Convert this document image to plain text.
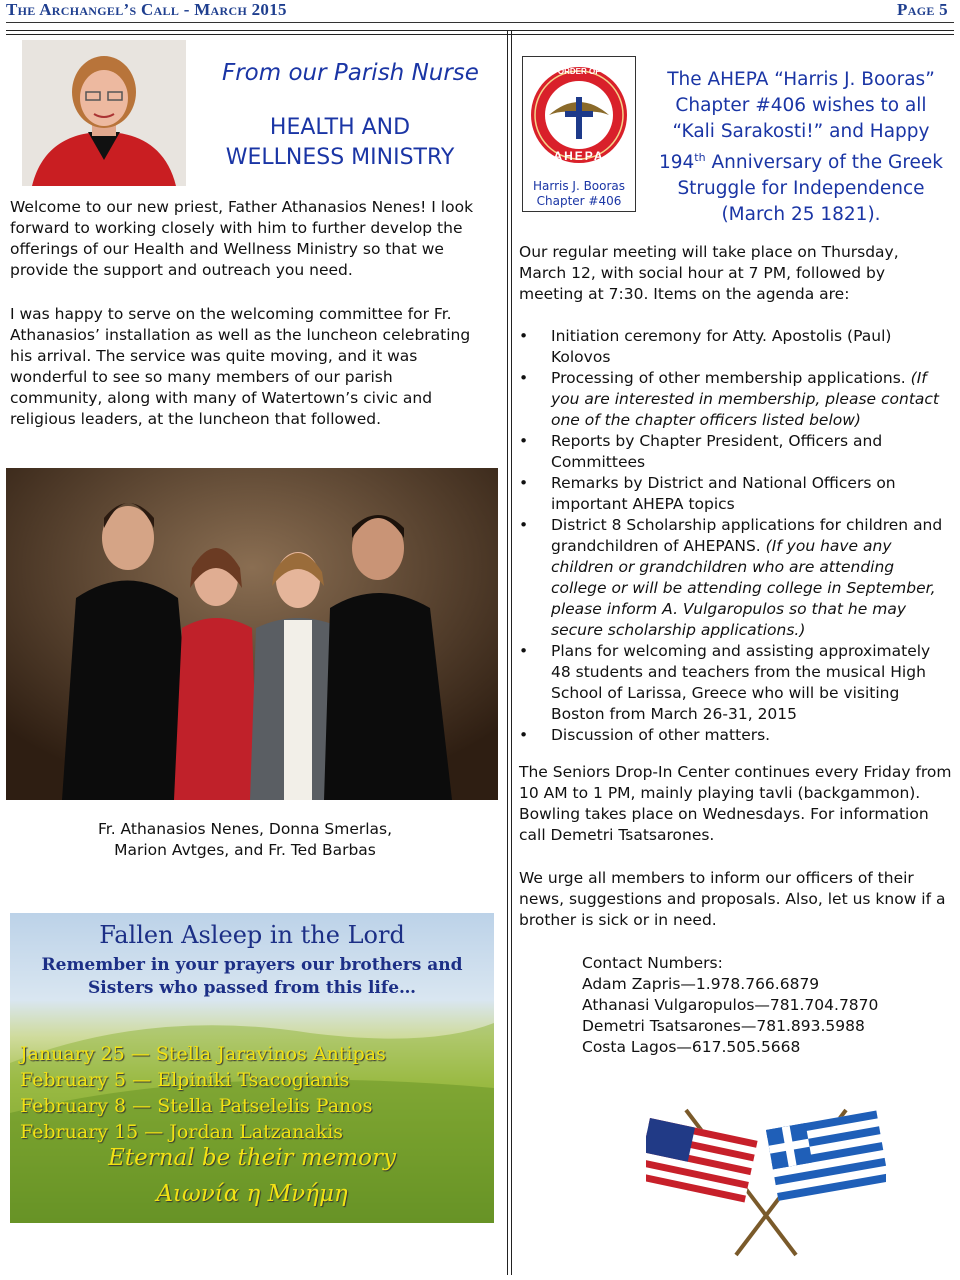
The Archangel’s Call - March 2015	Page 5
From our Parish Nurse
HEALTH AND
WELLNESS MINISTRY
Welcome to our new priest, Father Athanasios Nenes! I look forward to working closely with him to further develop the offerings of our Health and Wellness Ministry so that we provide the support and outreach you need.
I was happy to serve on the welcoming committee for Fr. Athanasios’ installation as well as the luncheon celebrating his arrival. The service was quite moving, and it was wonderful to see so many members of our parish community, along with many of Watertown’s civic and religious leaders, at the luncheon that followed.
Fr. Athanasios Nenes, Donna Smerlas,
Marion Avtges, and Fr. Ted Barbas
Fallen Asleep in the Lord
Remember in your prayers our brothers and
Sisters who passed from this life…
January 25 — Stella Jaravinos Antipas
February 5 — Elpiniki Tsacogianis
February 8 — Stella Patselelis Panos
February 15 — Jordan Latzanakis
Eternal be their memory
Αιωνία η Μνήμη
ORDER OF
AHEPA
Harris J. Booras
Chapter #406
The AHEPA “Harris J. Booras”
Chapter #406 wishes to all
“Kali Sarakosti!” and Happy
194th Anniversary of the Greek
Struggle for Independence
(March 25 1821).
Our regular meeting will take place on Thursday, March 12, with social hour at 7 PM, followed by meeting at 7:30. Items on the agenda are:
• Initiation ceremony for Atty. Apostolis (Paul) Kolovos
• Processing of other membership applications. (If you are interested in membership, please contact one of the chapter officers listed below)
• Reports by Chapter President, Officers and Committees
• Remarks by District and National Officers on important AHEPA topics
• District 8 Scholarship applications for children and grandchildren of AHEPANS. (If you have any children or grandchildren who are attending college or will be attending college in September, please inform A. Vulgaropulos so that he may secure scholarship applications.)
• Plans for welcoming and assisting approximately 48 students and teachers from the musical High School of Larissa, Greece who will be visiting Boston from March 26-31, 2015
• Discussion of other matters.
The Seniors Drop-In Center continues every Friday from 10 AM to 1 PM, mainly playing tavli (backgammon). Bowling takes place on Wednesdays. For information call Demetri Tsatsarones.
We urge all members to inform our officers of their news, suggestions and proposals. Also, let us know if a brother is sick or in need.
Contact Numbers:
Adam Zapris—1.978.766.6879
Athanasi Vulgaropulos—781.704.7870
Demetri Tsatsarones—781.893.5988
Costa Lagos—617.505.5668
